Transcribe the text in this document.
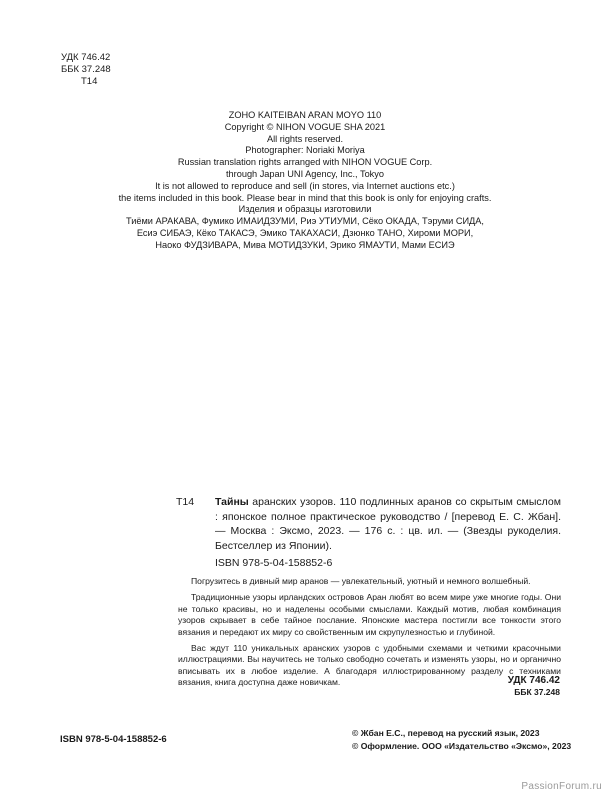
УДК 746.42
ББК 37.248
Т14
ZOHO KAITEIBAN ARAN MOYO 110
Copyright © NIHON VOGUE SHA 2021
All rights reserved.
Photographer: Noriaki Moriya
Russian translation rights arranged with NIHON VOGUE Corp.
through Japan UNI Agency, Inc., Tokyo
It is not allowed to reproduce and sell (in stores, via Internet auctions etc.)
the items included in this book. Please bear in mind that this book is only for enjoying crafts.
Изделия и образцы изготовили
Тиёми АРАКАВА, Фумико ИМАИДЗУМИ, Риэ УТИУМИ, Сёко ОКАДА, Тэруми СИДА,
Есиэ СИБАЭ, Кёко ТАКАСЭ, Эмико ТАКАХАСИ, Дзюнко ТАНО, Хироми МОРИ,
Наоко ФУДЗИВАРА, Мива МОТИДЗУКИ, Эрико ЯМАУТИ, Мами ЕСИЭ
Т14 Тайны аранских узоров. 110 подлинных аранов со скрытым смыслом : японское полное практическое руководство / [перевод Е. С. Жбан]. — Москва : Эксмо, 2023. — 176 с. : цв. ил. — (Звезды рукоделия. Бестселлер из Японии).
ISBN 978-5-04-158852-6

Погрузитесь в дивный мир аранов — увлекательный, уютный и немного волшебный.

Традиционные узоры ирландских островов Аран любят во всем мире уже многие годы. Они не только красивы, но и наделены особыми смыслами. Каждый мотив, любая комбинация узоров скрывает в себе тайное послание. Японские мастера постигли все тонкости этого вязания и передают их миру со свойственным им скрупулезностью и глубиной.

Вас ждут 110 уникальных аранских узоров с удобными схемами и четкими красочными иллюстрациями. Вы научитесь не только свободно сочетать и изменять узоры, но и органично вписывать их в любое изделие. А благодаря иллюстрированному разделу с техниками вязания, книга доступна даже новичкам.	УДК 746.42
ББК 37.248
ISBN 978-5-04-158852-6
© Жбан Е.С., перевод на русский язык, 2023
© Оформление. ООО «Издательство «Эксмо», 2023
PassionForum.ru
